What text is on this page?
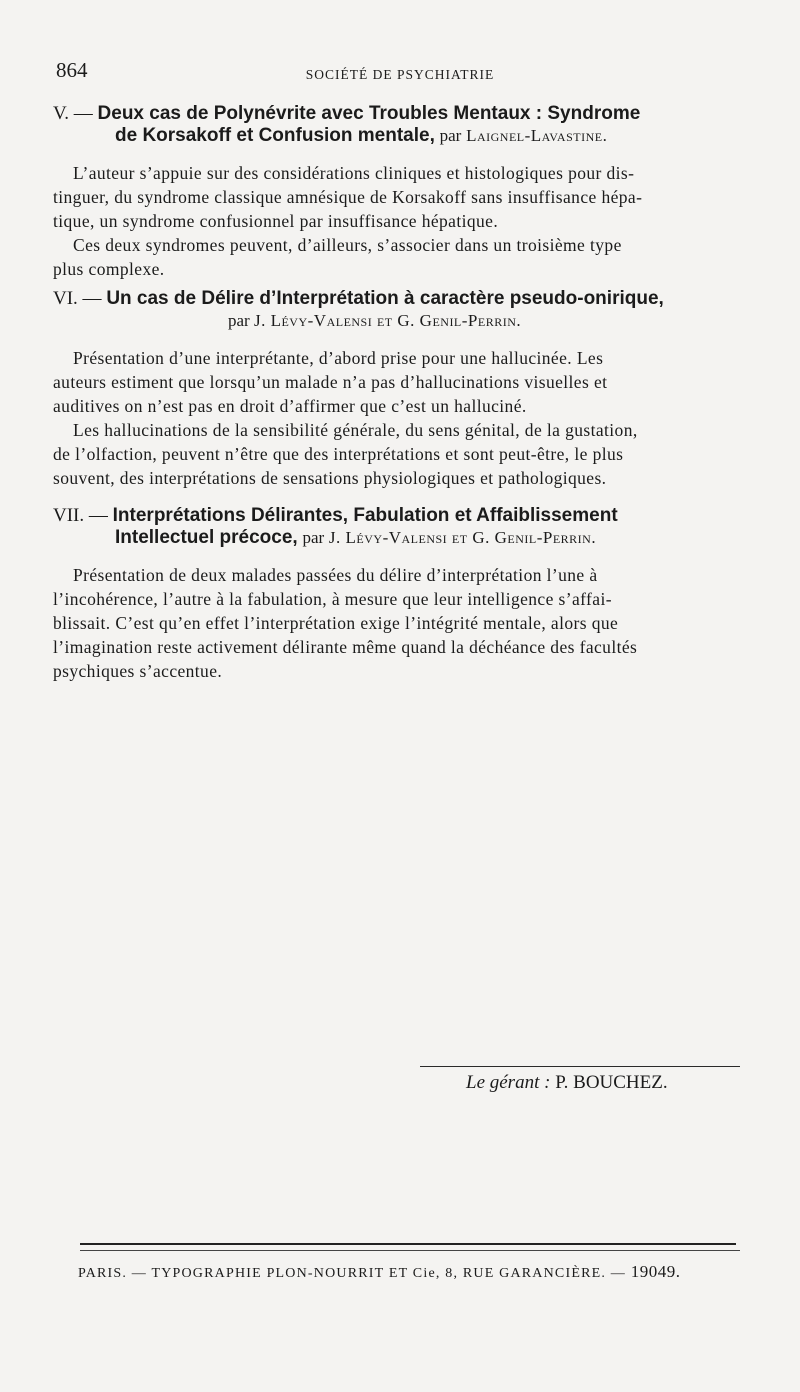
864	SOCIÉTÉ DE PSYCHIATRIE
V. — Deux cas de Polynévrite avec Troubles Mentaux : Syndrome
de Korsakoff et Confusion mentale, par Laignel-Lavastine.

L’auteur s’appuie sur des considérations cliniques et histologiques pour dis-
tinguer, du syndrome classique amnésique de Korsakoff sans insuffisance hépa-
tique, un syndrome confusionnel par insuffisance hépatique.

Ces deux syndromes peuvent, d’ailleurs, s’associer dans un troisième type
plus complexe.

VI. — Un cas de Délire d’Interprétation à caractère pseudo-onirique,
par J. Lévy-Valensi et G. Genil-Perrin.

Présentation d’une interprétante, d’abord prise pour une hallucinée. Les
auteurs estiment que lorsqu’un malade n’a pas d’hallucinations visuelles et
auditives on n’est pas en droit d’affirmer que c’est un halluciné.

Les hallucinations de la sensibilité générale, du sens génital, de la gustation,
de l’olfaction, peuvent n’être que des interprétations et sont peut-être, le plus
souvent, des interprétations de sensations physiologiques et pathologiques.

VII. — Interprétations Délirantes, Fabulation et Affaiblissement
Intellectuel précoce, par J. Lévy-Valensi et G. Genil-Perrin.

Présentation de deux malades passées du délire d’interprétation l’une à
l’incohérence, l’autre à la fabulation, à mesure que leur intelligence s’affai-
blissait. C’est qu’en effet l’interprétation exige l’intégrité mentale, alors que
l’imagination reste activement délirante même quand la déchéance des facultés
psychiques s’accentue.

Le gérant : P. BOUCHEZ.
PARIS. — TYPOGRAPHIE PLON-NOURRIT ET Cie, 8, RUE GARANCIÈRE. — 19049.
